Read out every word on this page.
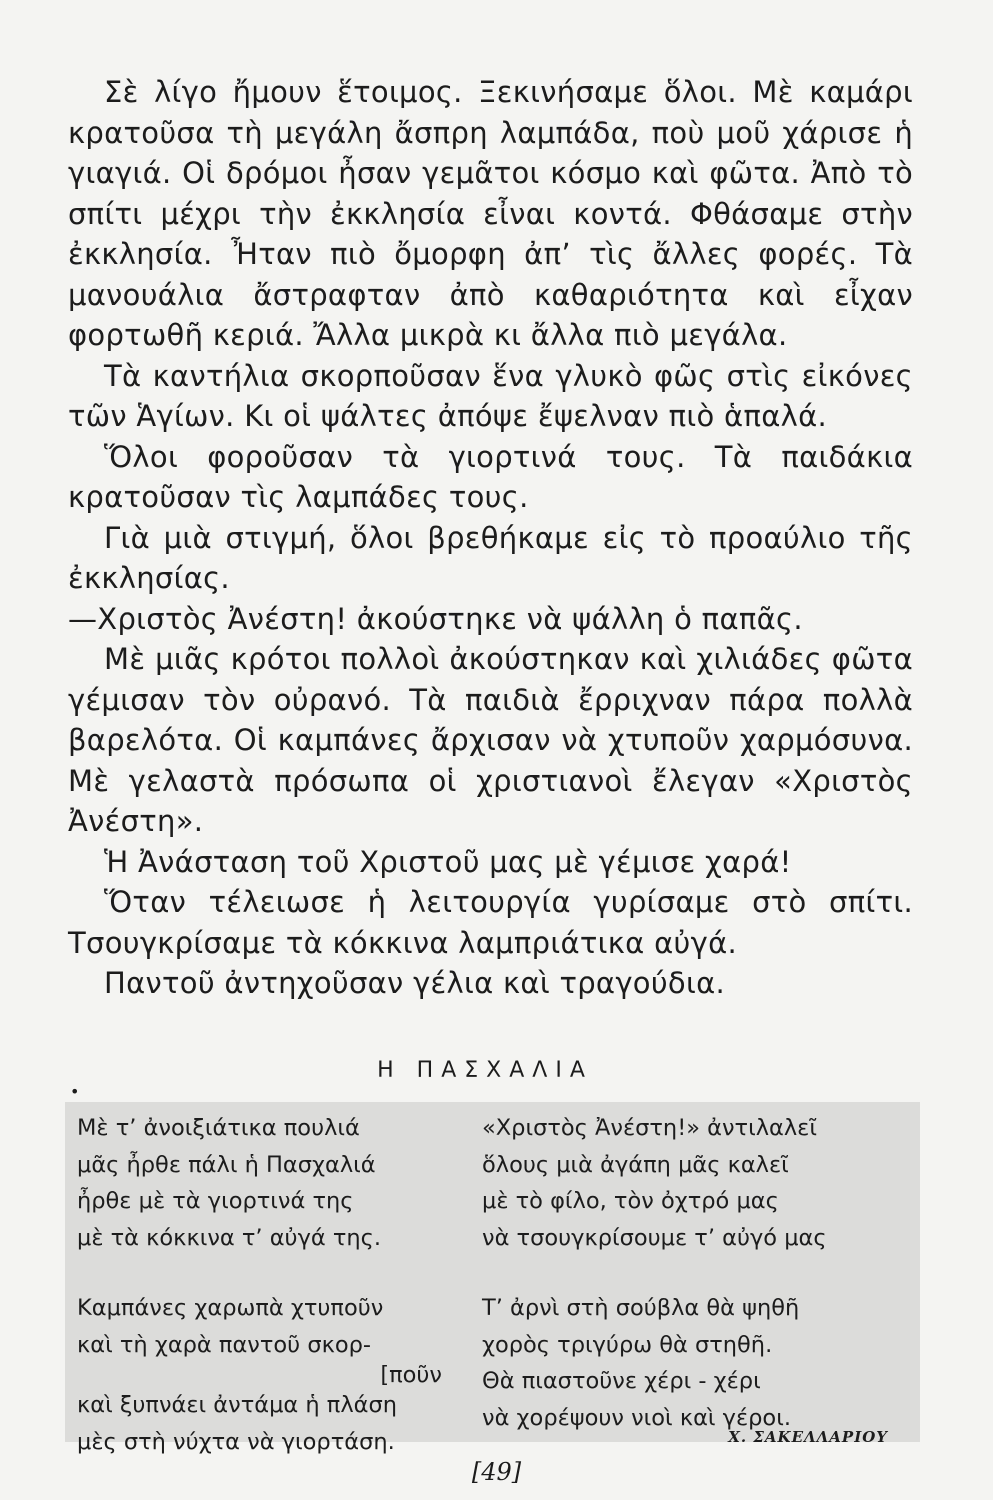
Σὲ λίγο ἤμουν ἕτοιμος. Ξεκινήσαμε ὅλοι. Μὲ καμάρι κρατοῦσα τὴ μεγάλη ἄσπρη λαμπάδα, ποὺ μοῦ χάρισε ἡ γιαγιά. Οἱ δρόμοι ἦσαν γεμᾶτοι κόσμο καὶ φῶτα. Ἀπὸ τὸ σπίτι μέχρι τὴν ἐκκλησία εἶναι κοντά. Φθάσαμε στὴν ἐκκλησία. Ἦταν πιὸ ὄμορφη ἀπ’ τὶς ἄλλες φορές. Τὰ μανουάλια ἄστραφταν ἀπὸ καθαριότητα καὶ εἶχαν φορτωθῆ κεριά. Ἄλλα μικρὰ κι ἄλλα πιὸ μεγάλα.

Τὰ καντήλια σκορποῦσαν ἕνα γλυκὸ φῶς στὶς εἰκόνες τῶν Ἁγίων. Κι οἱ ψάλτες ἀπόψε ἔψελναν πιὸ ἁπαλά.

Ὅλοι φοροῦσαν τὰ γιορτινά τους. Τὰ παιδάκια κρατοῦσαν τὶς λαμπάδες τους.

Γιὰ μιὰ στιγμή, ὅλοι βρεθήκαμε εἰς τὸ προαύλιο τῆς ἐκκλησίας.

—Χριστὸς Ἀνέστη! ἀκούστηκε νὰ ψάλλη ὁ παπᾶς.

Μὲ μιᾶς κρότοι πολλοὶ ἀκούστηκαν καὶ χιλιάδες φῶτα γέμισαν τὸν οὐρανό. Τὰ παιδιὰ ἔρριχναν πάρα πολλὰ βαρελότα. Οἱ καμπάνες ἄρχισαν νὰ χτυποῦν χαρμόσυνα. Μὲ γελαστὰ πρόσωπα οἱ χριστιανοὶ ἔλεγαν «Χριστὸς Ἀνέστη».

Ἡ Ἀνάσταση τοῦ Χριστοῦ μας μὲ γέμισε χαρά!

Ὅταν τέλειωσε ἡ λειτουργία γυρίσαμε στὸ σπίτι. Τσουγκρίσαμε τὰ κόκκινα λαμπριάτικα αὐγά.

Παντοῦ ἀντηχοῦσαν γέλια καὶ τραγούδια.

Η ΠΑΣΧΑΛΙΑ
•
Μὲ τ’ ἀνοιξιάτικα πουλιά
μᾶς ἦρθε πάλι ἡ Πασχαλιά
ἦρθε μὲ τὰ γιορτινά της
μὲ τὰ κόκκινα τ’ αὐγά της.
Καμπάνες χαρωπὰ χτυποῦν
καὶ τὴ χαρὰ παντοῦ σκορ-
[ποῦν
καὶ ξυπνάει ἀντάμα ἡ πλάση
μὲς στὴ νύχτα νὰ γιορτάση.
«Χριστὸς Ἀνέστη!» ἀντιλαλεῖ
ὅλους μιὰ ἀγάπη μᾶς καλεῖ
μὲ τὸ φίλο, τὸν ὀχτρό μας
νὰ τσουγκρίσουμε τ’ αὐγό μας
Τ’ ἀρνὶ στὴ σούβλα θὰ ψηθῆ
χορὸς τριγύρω θὰ στηθῆ.
Θὰ πιαστοῦνε χέρι - χέρι
νὰ χορέψουν νιοὶ καὶ γέροι.
Χ. ΣΑΚΕΛΛΑΡΙΟΥ
[49]
